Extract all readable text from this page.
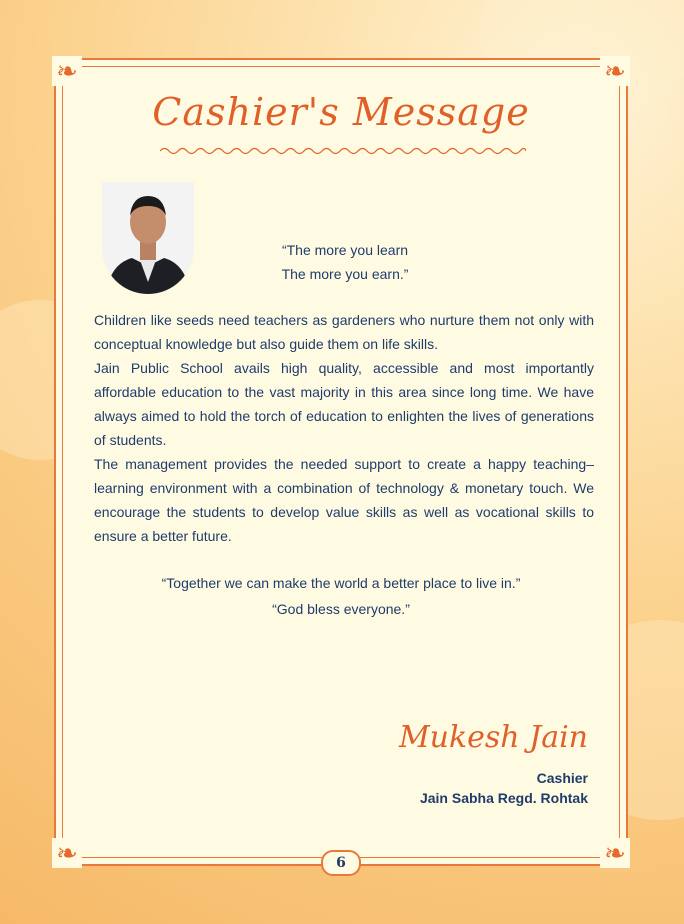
❧	❧
❧	❧
Cashier's Message
“The more you learn
The more you earn.”

Children like seeds need teachers as gardeners who nurture them not only with conceptual knowledge but also guide them on life skills.

Jain Public School avails high quality, accessible and most importantly affordable education to the vast majority in this area since long time. We have always aimed to hold the torch of education to enlighten the lives of generations of students.

The management provides the needed support to create a happy teaching–learning environment with a combination of technology & monetary touch. We encourage the students to develop value skills as well as vocational skills to ensure a better future.

“Together we can make the world a better place to live in.”
“God bless everyone.”
Mukesh Jain
Cashier
Jain Sabha Regd. Rohtak
6
